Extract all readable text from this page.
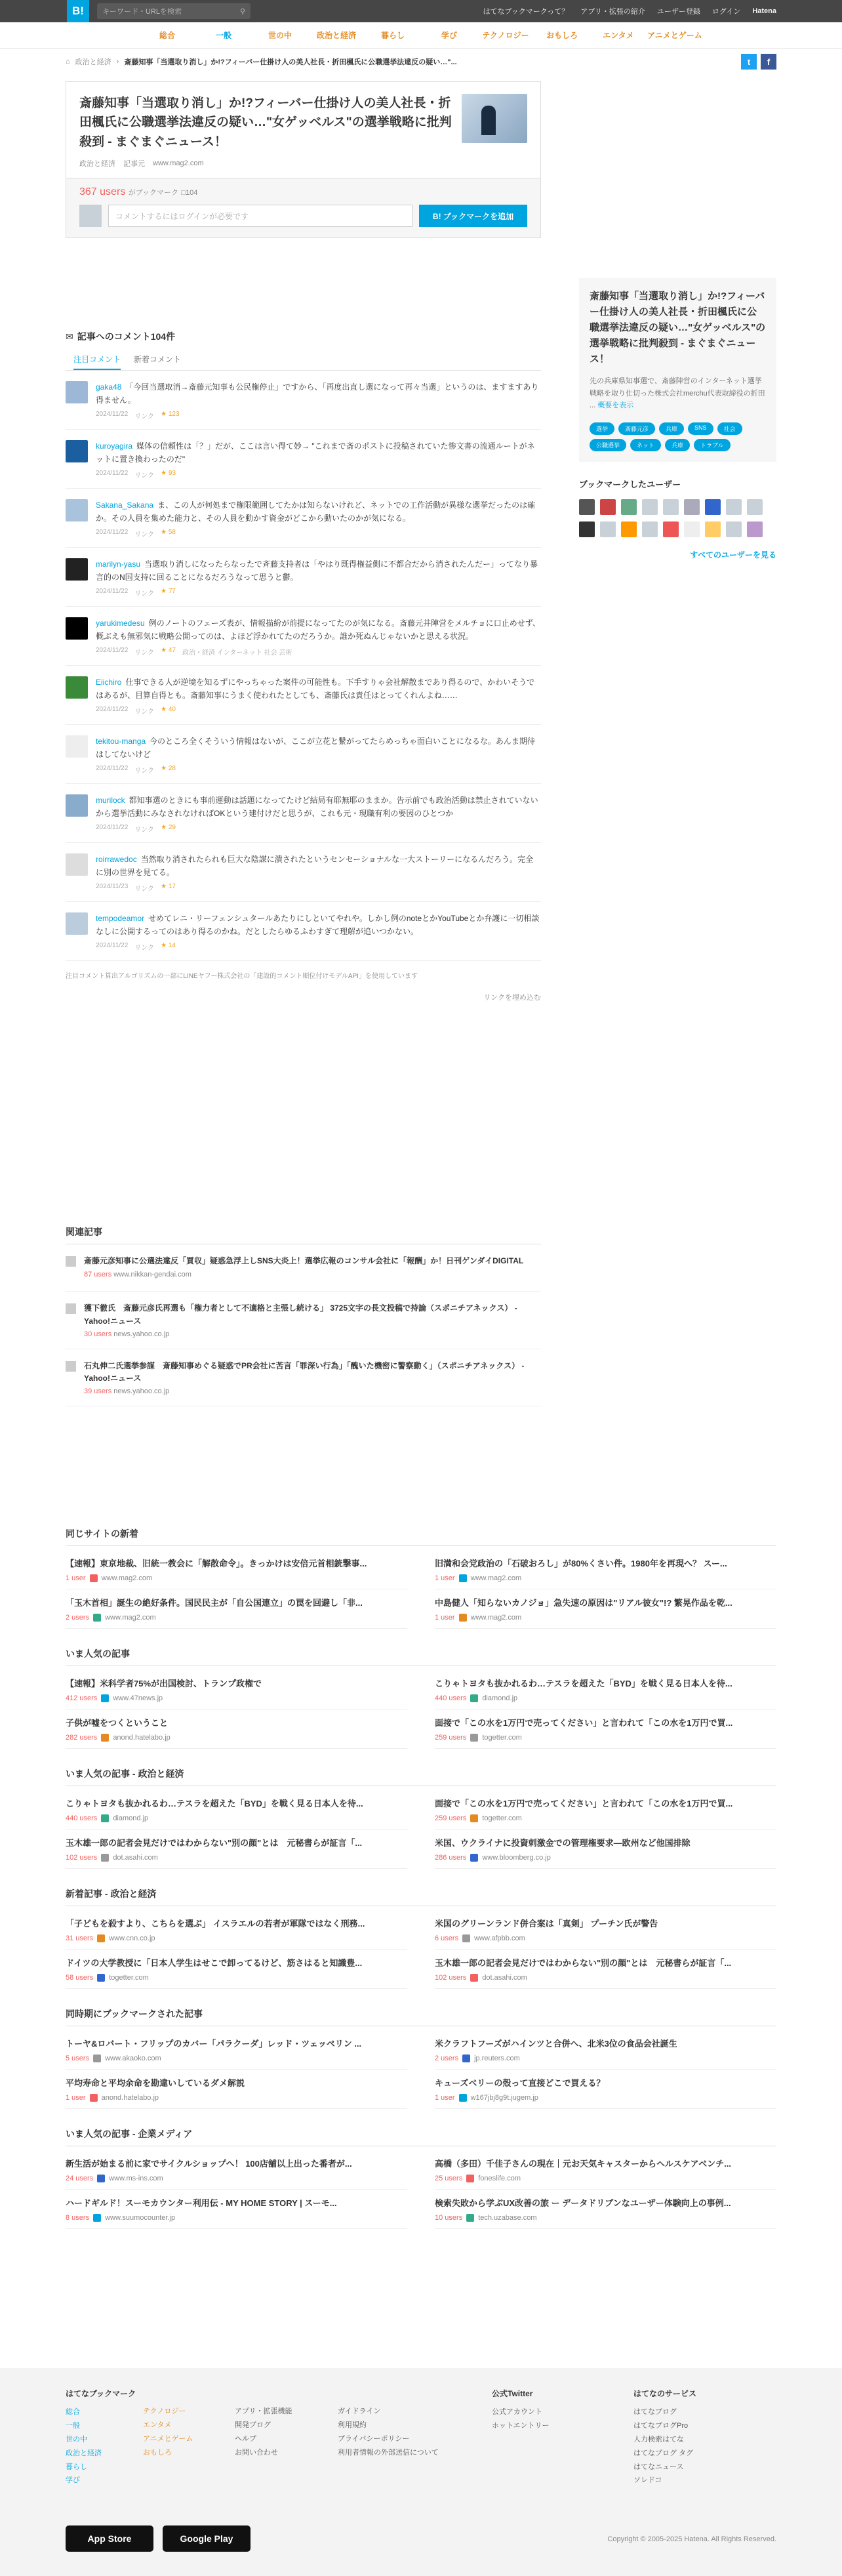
B!	キーワード・URLを検索	⚲	はてなブックマークって？ アプリ・拡張の紹介 ユーザー登録 ログイン Hatena
総合	一般	世の中	政治と経済	暮らし	学び	テクノロジー	おもしろ	エンタメ	アニメとゲーム
⌂ 政治と経済 › 斎藤知事「当選取り消し」か!?フィーバー仕掛け人の美人社長・折田楓氏に公職選挙法違反の疑い…"...	t	f
斎藤知事「当選取り消し」か!?フィーバー仕掛け人の美人社長・折田楓氏に公職選挙法違反の疑い…"女ゲッベルス"の選挙戦略に批判殺到 - まぐまぐニュース！
政治と経済 記事元 www.mag2.com
367 users がブックマーク □104
コメントするにはログインが必要です	B! ブックマークを追加
✉ 記事へのコメント104件
注目コメント 新着コメント
gaka48 「今回当選取消→斎藤元知事も公民権停止」ですから、「再度出直し選になって再々当選」というのは、ますますあり得ません。
2024/11/22 リンク ★ 123
kuroyagira 媒体の信頼性は「？」だが、ここは言い得て妙→ "これまで斎のポストに投稿されていた惨文書の流通ルートがネットに置き換わったのだ"
2024/11/22 リンク ★ 93
Sakana_Sakana ま、この人が何処まで権限範囲してたかは知らないけれど、ネットでの工作活動が異様な選挙だったのは確か。その人員を集めた能力と、その人員を動かす資金がどこから動いたのかが気になる。
2024/11/22 リンク ★ 58
marilyn-yasu 当選取り消しになったらなったで斉藤支持者は「やはり既得権益側に不都合だから消されたんだー」ってなり暴言的のN国支持に回ることになるだろうなって思うと鬱。
2024/11/22 リンク ★ 77
yarukimedesu 例のノートのフェーズ表が、情報描紛が前提になってたのが気になる。斎藤元井陣営をメルチョに口止めせず、概ぶえも無邪気に戦略公開ってのは、よほど浮かれてたのだろうか。誰か死ぬんじゃないかと思える状況。
2024/11/22 リンク ★ 47 政治・経済 インターネット 社会 芸術
Eiichiro 仕事できる人が逆境を知るずにやっちゃった案件の可能性も。下手すりゃ会社解散まであり得るので、かわいそうではあるが、目算自得とも。斎藤知事にうまく使われたとしても、斎藤氏は責任はとってくれんよね……
2024/11/22 リンク ★ 40
tekitou-manga 今のところ全くそういう情報はないが、ここが立花と繋がってたらめっちゃ面白いことになるな。あんま期待はしてないけど
2024/11/22 リンク ★ 28
murilock 都知事選のときにも事前運動は話題になってたけど結局有耶無耶のままか。告示前でも政治活動は禁止されていないから選挙活動にみなされなければOKという建付けだと思うが、これも元・現職有利の要因のひとつか
2024/11/22 リンク ★ 29
roirrawedoc 当然取り消されたられも巨大な陰謀に潰されたというセンセーショナルな一大ストーリーになるんだろう。完全に別の世界を見てる。
2024/11/23 リンク ★ 17
tempodeamor せめてレニ・リーフェンシュタールあたりにしといてやれや。しかし例のnoteとかYouTubeとか弁護に一切相談なしに公開するってのはあり得るのかね。だとしたらゆるふわすぎて理解が追いつかない。
2024/11/22 リンク ★ 14
注目コメント算出アルゴリズムの一部にLINEヤフー株式会社の「建設的コメント順位付けモデルAPI」を使用しています
リンクを埋め込む
関連記事
斎藤元彦知事に公選法違反「買収」疑惑急浮上しSNS大炎上！選挙広報のコンサル会社に「報酬」か！日刊ゲンダイDIGITAL
87 users www.nikkan-gendai.com
獲下徹氏　斎藤元彦氏再選も「権力者として不適格と主張し続ける」 3725文字の長文投稿で持論（スポニチアネックス） - Yahoo!ニュース
30 users news.yahoo.co.jp
石丸伸二氏選挙参謀　斎藤知事めぐる疑惑でPR会社に苦言「罪深い行為」「醜いた機密に警察動く」（スポニチアネックス） - Yahoo!ニュース
39 users news.yahoo.co.jp
斎藤知事「当選取り消し」か!?フィーバー仕掛け人の美人社長・折田楓氏に公職選挙法違反の疑い…"女ゲッベルス"の選挙戦略に批判殺到 - まぐまぐニュース！
先の兵庫県知事選で、斎藤陣営のインターネット選挙戦略を取り仕切った株式会社merchu代表取締役の折田 ... 概要を表示
選挙	斎藤元彦	兵庫	SNS	社会
公職選挙	ネット	兵庫	トラブル
ブックマークしたユーザー
すべてのユーザーを見る
同じサイトの新着
【速報】東京地裁、旧統一教会に「解散命令」。きっかけは安倍元首相銃撃事...
1 user www.mag2.com
旧満和会党政治の「石破おろし」が80%くさい件。1980年を再現へ？ スー...
1 user www.mag2.com
「玉木首相」誕生の絶好条件。国民民主が「自公国連立」の罠を回避し「非...
2 users www.mag2.com
中島健人「知らないカノジョ」急失速の原因は"リアル彼女"!? 繁晃作品を乾...
1 user www.mag2.com
いま人気の記事
【速報】米科学者75%が出国検討、トランプ政権で
412 users www.47news.jp
こりゃトヨタも抜かれるわ…テスラを超えた「BYD」を戦く見る日本人を待...
440 users diamond.jp
子供が嘘をつくということ
282 users anond.hatelabo.jp
面接で「この水を1万円で売ってください」と言われて「この水を1万円で買...
259 users togetter.com
いま人気の記事 - 政治と経済
こりゃトヨタも抜かれるわ…テスラを超えた「BYD」を戦く見る日本人を待...
440 users diamond.jp
面接で「この水を1万円で売ってください」と言われて「この水を1万円で買...
259 users togetter.com
玉木雄一郎の記者会見だけではわからない"別の顔"とは　元秘書らが証言「...
102 users dot.asahi.com
米国、ウクライナに投資刺激金での管理権要求―欧州など他国排除
286 users www.bloomberg.co.jp
新着記事 - 政治と経済
「子どもを殺すより、こちらを選ぶ」 イスラエルの若者が軍隊ではなく刑務...
31 users www.cnn.co.jp
米国のグリーンランド併合案は「真剣」 プーチン氏が警告
6 users www.afpbb.com
ドイツの大学教授に「日本人学生はせこで卸ってるけど、筋さはると知識豊...
58 users togetter.com
玉木雄一郎の記者会見だけではわからない"別の顔"とは　元秘書らが証言「...
102 users dot.asahi.com
同時期にブックマークされた記事
トーヤ&ロバート・フリップのカバー「パラクーダ」レッド・ツェッペリン ...
5 users www.akaoko.com
米クラフトフーズがハインツと合併へ、北米3位の食品会社誕生
2 users jp.reuters.com
平均寿命と平均余命を勘違いしているダメ解説
1 user anond.hatelabo.jp
キューズベリーの殻って直接どこで買える？
1 user w167jbj8g9t.jugem.jp
いま人気の記事 - 企業メディア
新生活が始まる前に家でサイクルショップへ！ 100店舗以上出った番者が...
24 users www.ms-ins.com
高橋（多田）千佳子さんの現在｜元お天気キャスターからヘルスケアベンチ...
25 users foneslife.com
ハードギルド！スーモカウンター利用伝 - MY HOME STORY | スーモ...
8 users www.suumocounter.jp
検索失敗から学ぶUX改善の旅 ー データドリブンなユーザー体験向上の事例...
10 users tech.uzabase.com
はてなブックマーク
総合
一般
世の中
政治と経済
暮らし
学び
テクノロジー
エンタメ
アニメとゲーム
おもしろ
アプリ・拡張機能
開発ブログ
ヘルプ
お問い合わせ
ガイドライン
利用規約
プライバシーポリシー
利用者情報の外部送信について
公式Twitter
公式アカウント
ホットエントリー
はてなのサービス
はてなブログ
はてなブログPro
人力検索はてな
はてなブログ タグ
はてなニュース
ソレドコ
App Store	Google Play	Copyright © 2005-2025 Hatena. All Rights Reserved.
